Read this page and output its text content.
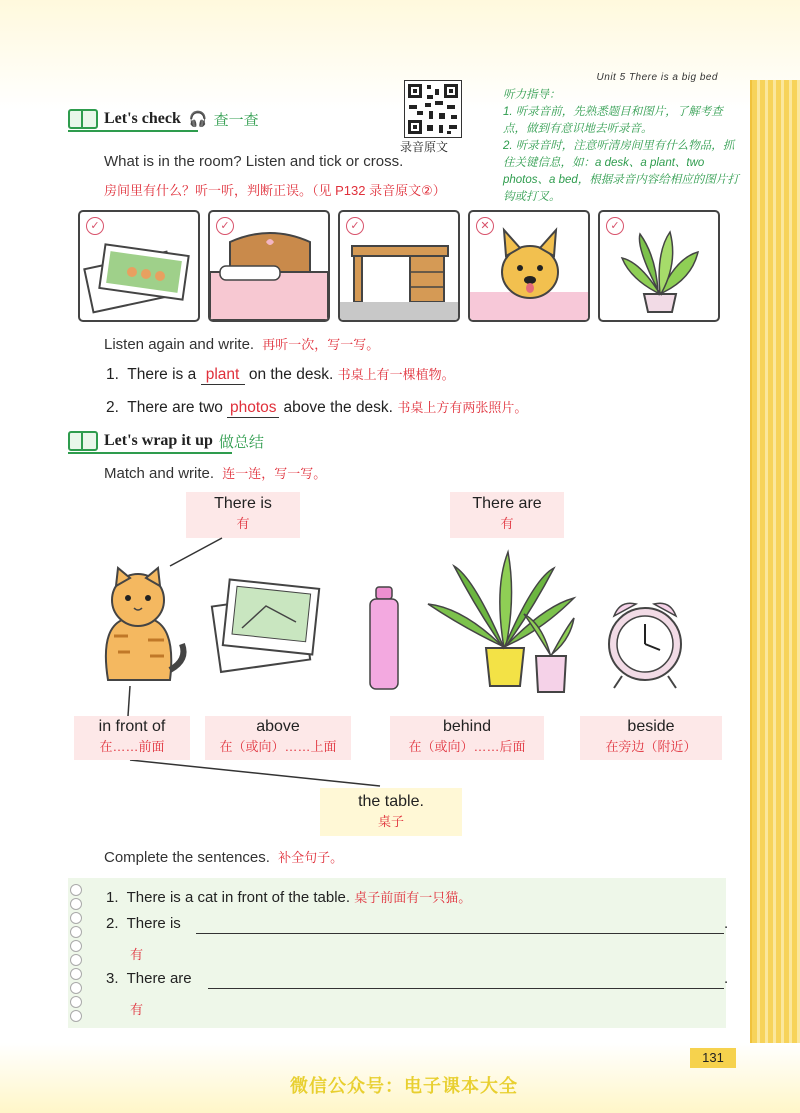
Unit 5 There is a big bed
Let's check 🎧 查一查
录音原文
听力指导：
1. 听录音前，先熟悉题目和图片，了解考查点，做到有意识地去听录音。
2. 听录音时，注意听清房间里有什么物品，抓住关键信息，如：a desk、a plant、two photos、a bed，根据录音内容给相应的图片打钩或打叉。
What is in the room? Listen and tick or cross.
房间里有什么？听一听，判断正误。（见 P132 录音原文②）
✓	✓	✓	✕	✓
Listen again and write. 再听一次，写一写。
1. There is a plant on the desk. 书桌上有一棵植物。
2. There are two photos above the desk. 书桌上方有两张照片。
Let's wrap it up 做总结
Match and write. 连一连，写一写。
There is
有
There are
有
in front of
在……前面
above
在（或向）……上面
behind
在（或向）……后面
beside
在旁边（附近）
the table.
桌子
Complete the sentences. 补全句子。
1. There is a cat in front of the table. 桌子前面有一只猫。
2. There is	.
有
3. There are	.
有
131
微信公众号：电子课本大全
